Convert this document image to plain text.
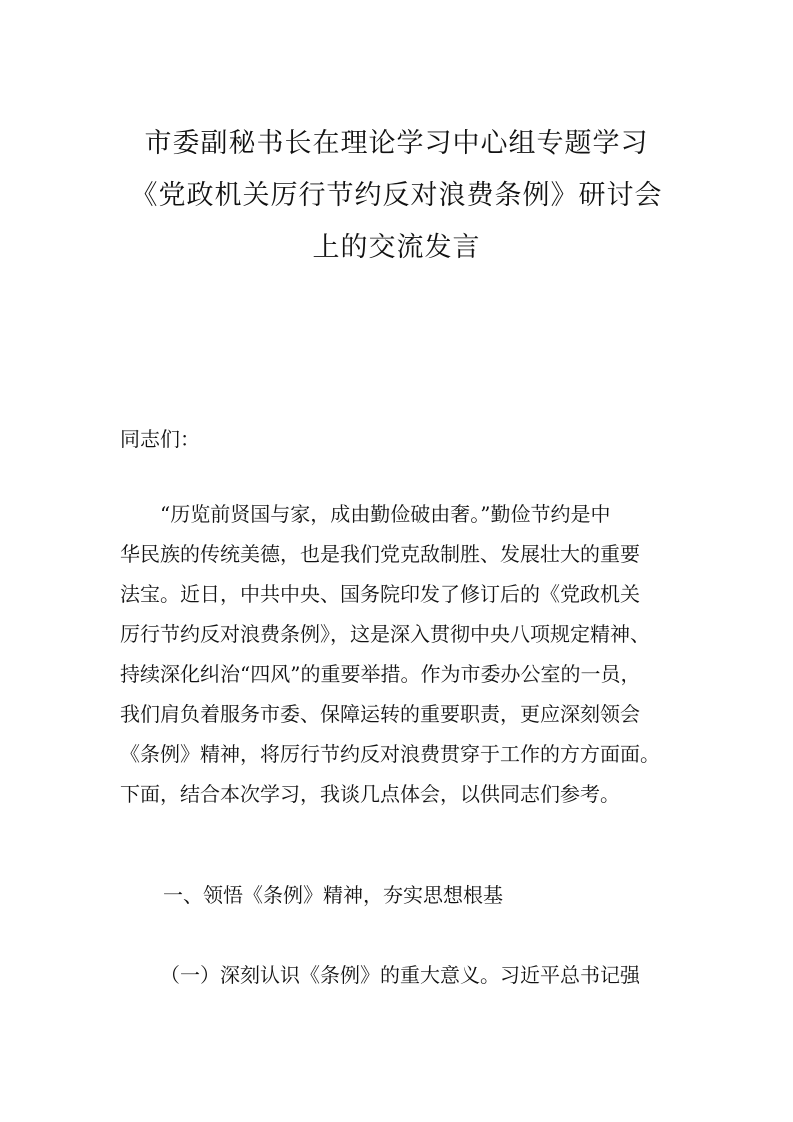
市委副秘书长在理论学习中心组专题学习
《党政机关厉行节约反对浪费条例》研讨会
上的交流发言
同志们：
“历览前贤国与家，成由勤俭破由奢。”勤俭节约是中
华民族的传统美德，也是我们党克敌制胜、发展壮大的重要
法宝。近日，中共中央、国务院印发了修订后的《党政机关
厉行节约反对浪费条例》，这是深入贯彻中央八项规定精神、
持续深化纠治“四风”的重要举措。作为市委办公室的一员，
我们肩负着服务市委、保障运转的重要职责，更应深刻领会
《条例》精神，将厉行节约反对浪费贯穿于工作的方方面面。
下面，结合本次学习，我谈几点体会，以供同志们参考。
一、领悟《条例》精神，夯实思想根基
（一）深刻认识《条例》的重大意义。习近平总书记强
